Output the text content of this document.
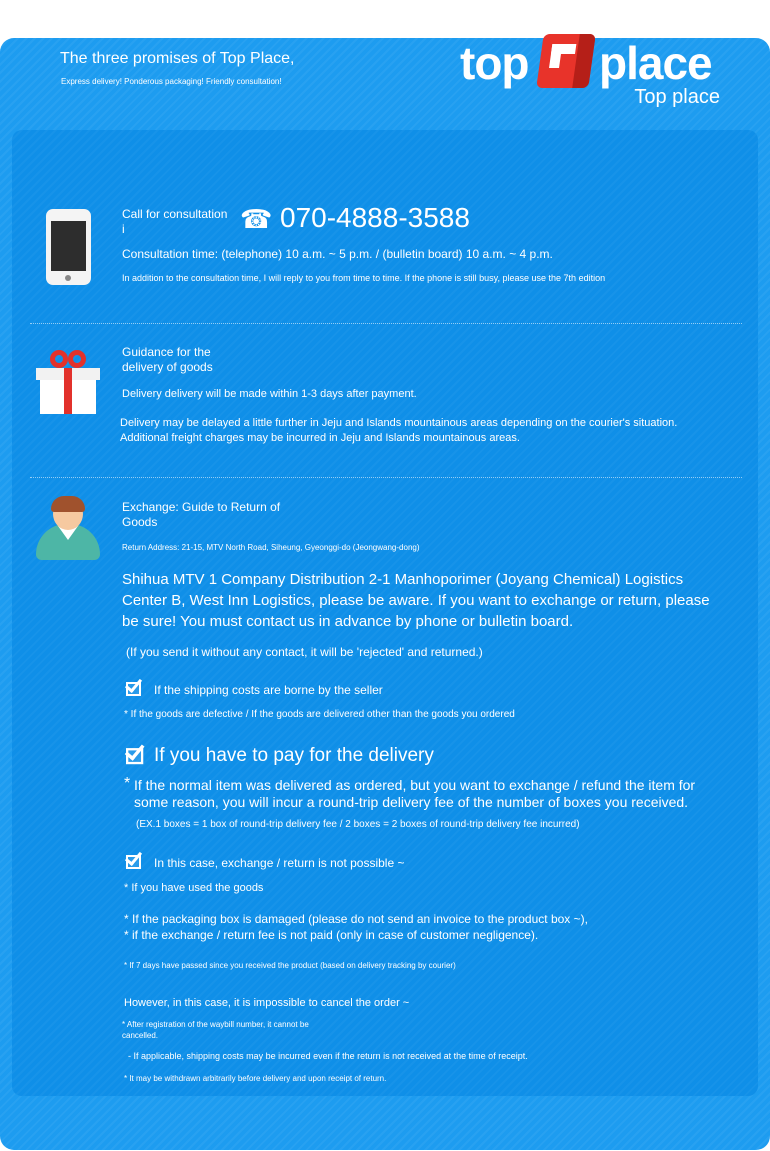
The three promises of Top Place,
Express delivery! Ponderous packaging! Friendly consultation!	top place
Top place
Call for consultation i	☎ 070-4888-3588
Consultation time: (telephone) 10 a.m. ~ 5 p.m. / (bulletin board) 10 a.m. ~ 4 p.m.
In addition to the consultation time, I will reply to you from time to time. If the phone is still busy, please use the 7th edition
Guidance for the delivery of goods
Delivery delivery will be made within 1-3 days after payment.
Delivery may be delayed a little further in Jeju and Islands mountainous areas depending on the courier's situation. Additional freight charges may be incurred in Jeju and Islands mountainous areas.
Exchange: Guide to Return of Goods
Return Address: 21-15, MTV North Road, Siheung, Gyeonggi-do (Jeongwang-dong)
Shihua MTV 1 Company Distribution 2-1 Manhoporimer (Joyang Chemical) Logistics Center B, West Inn Logistics, please be aware. If you want to exchange or return, please be sure! You must contact us in advance by phone or bulletin board.
(If you send it without any contact, it will be 'rejected' and returned.)
If the shipping costs are borne by the seller
* If the goods are defective / If the goods are delivered other than the goods you ordered
If you have to pay for the delivery
* If the normal item was delivered as ordered, but you want to exchange / refund the item for some reason, you will incur a round-trip delivery fee of the number of boxes you received.
(EX.1 boxes = 1 box of round-trip delivery fee / 2 boxes = 2 boxes of round-trip delivery fee incurred)
In this case, exchange / return is not possible ~
* If you have used the goods
* If the packaging box is damaged (please do not send an invoice to the product box ~),
* if the exchange / return fee is not paid (only in case of customer negligence).
* If 7 days have passed since you received the product (based on delivery tracking by courier)
However, in this case, it is impossible to cancel the order ~
* After registration of the waybill number, it cannot be cancelled.
- If applicable, shipping costs may be incurred even if the return is not received at the time of receipt.
* It may be withdrawn arbitrarily before delivery and upon receipt of return.
